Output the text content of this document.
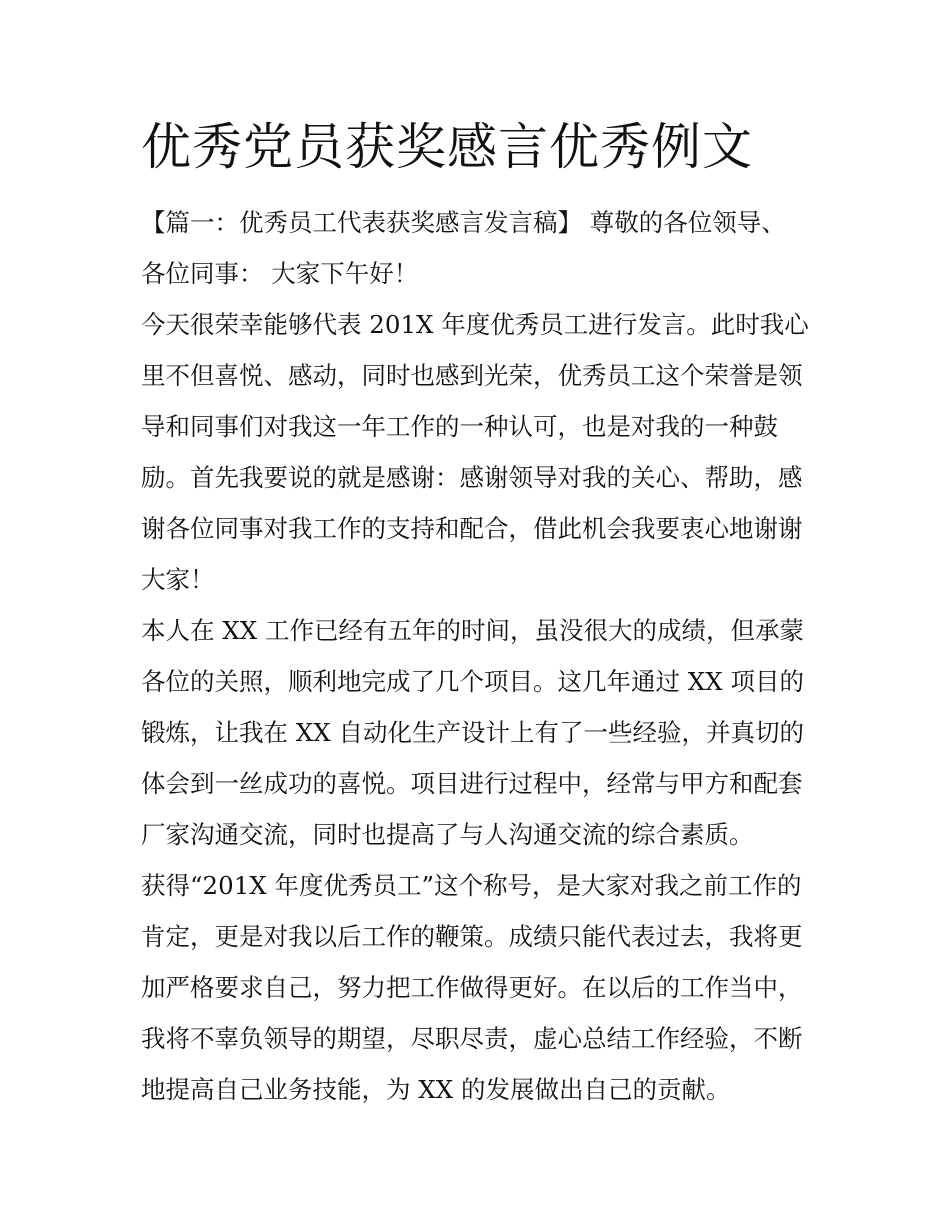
优秀党员获奖感言优秀例文
【篇一：优秀员工代表获奖感言发言稿】 尊敬的各位领导、
各位同事： 大家下午好！
今天很荣幸能够代表 201X 年度优秀员工进行发言。此时我心
里不但喜悦、感动，同时也感到光荣，优秀员工这个荣誉是领
导和同事们对我这一年工作的一种认可，也是对我的一种鼓
励。首先我要说的就是感谢：感谢领导对我的关心、帮助，感
谢各位同事对我工作的支持和配合，借此机会我要衷心地谢谢
大家！
本人在 XX 工作已经有五年的时间，虽没很大的成绩，但承蒙
各位的关照，顺利地完成了几个项目。这几年通过 XX 项目的
锻炼，让我在 XX 自动化生产设计上有了一些经验，并真切的
体会到一丝成功的喜悦。项目进行过程中，经常与甲方和配套
厂家沟通交流，同时也提高了与人沟通交流的综合素质。
获得“201X 年度优秀员工”这个称号，是大家对我之前工作的
肯定，更是对我以后工作的鞭策。成绩只能代表过去，我将更
加严格要求自己，努力把工作做得更好。在以后的工作当中，
我将不辜负领导的期望，尽职尽责，虚心总结工作经验，不断
地提高自己业务技能，为 XX 的发展做出自己的贡献。
